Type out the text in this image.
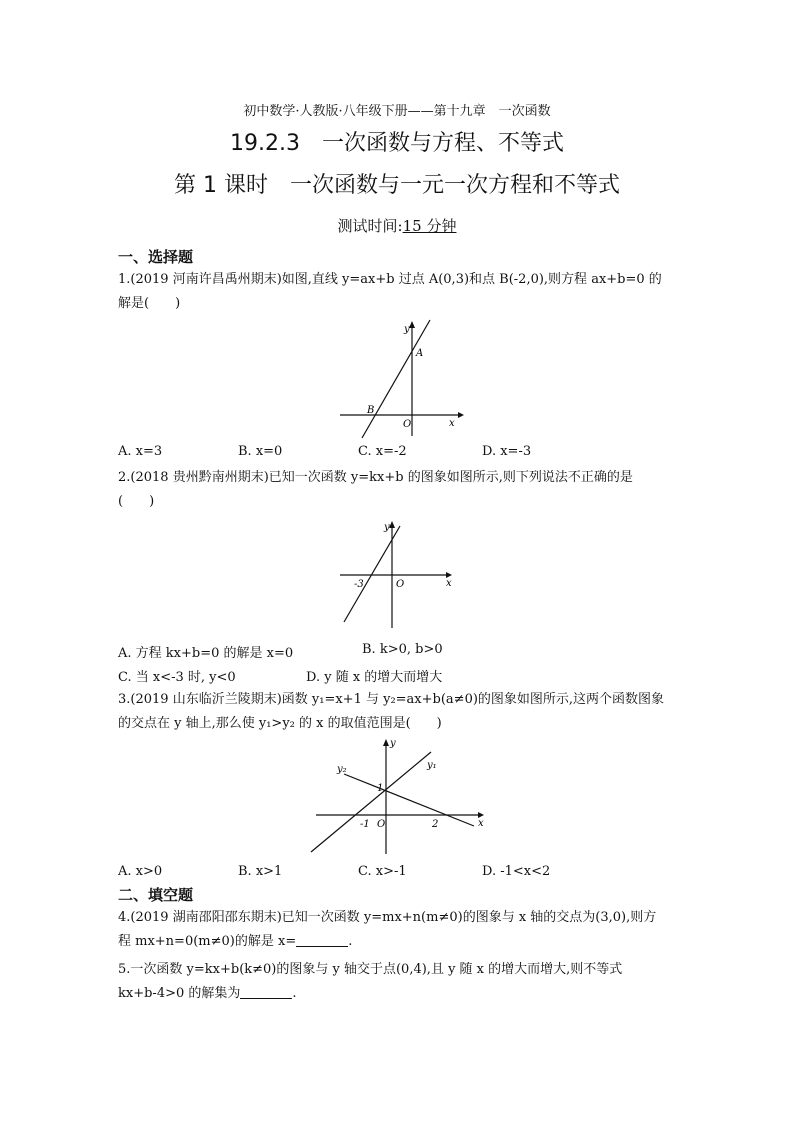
初中数学·人教版·八年级下册——第十九章　一次函数
19.2.3　一次函数与方程、不等式
第 1 课时　一次函数与一元一次方程和不等式
测试时间:15 分钟
一、选择题
1.(2019 河南许昌禹州期末)如图,直线 y=ax+b 过点 A(0,3)和点 B(-2,0),则方程 ax+b=0 的
解是(　　)
y
A
B
O	x
A. x=3	B. x=0	C. x=-2	D. x=-3
2.(2018 贵州黔南州期末)已知一次函数 y=kx+b 的图象如图所示,则下列说法不正确的是
(　　)
y
-3	O	x
A. 方程 kx+b=0 的解是 x=0	B. k>0, b>0
C. 当 x<-3 时, y<0	D. y 随 x 的增大而增大
3.(2019 山东临沂兰陵期末)函数 y₁=x+1 与 y₂=ax+b(a≠0)的图象如图所示,这两个函数图象
的交点在 y 轴上,那么使 y₁>y₂ 的 x 的取值范围是(　　)
y
y₁
y₂
1
-1 O	2	x
A. x>0	B. x>1	C. x>-1	D. -1<x<2
二、填空题
4.(2019 湖南邵阳邵东期末)已知一次函数 y=mx+n(m≠0)的图象与 x 轴的交点为(3,0),则方
程 mx+n=0(m≠0)的解是 x=	.
5.一次函数 y=kx+b(k≠0)的图象与 y 轴交于点(0,4),且 y 随 x 的增大而增大,则不等式
kx+b-4>0 的解集为	.
